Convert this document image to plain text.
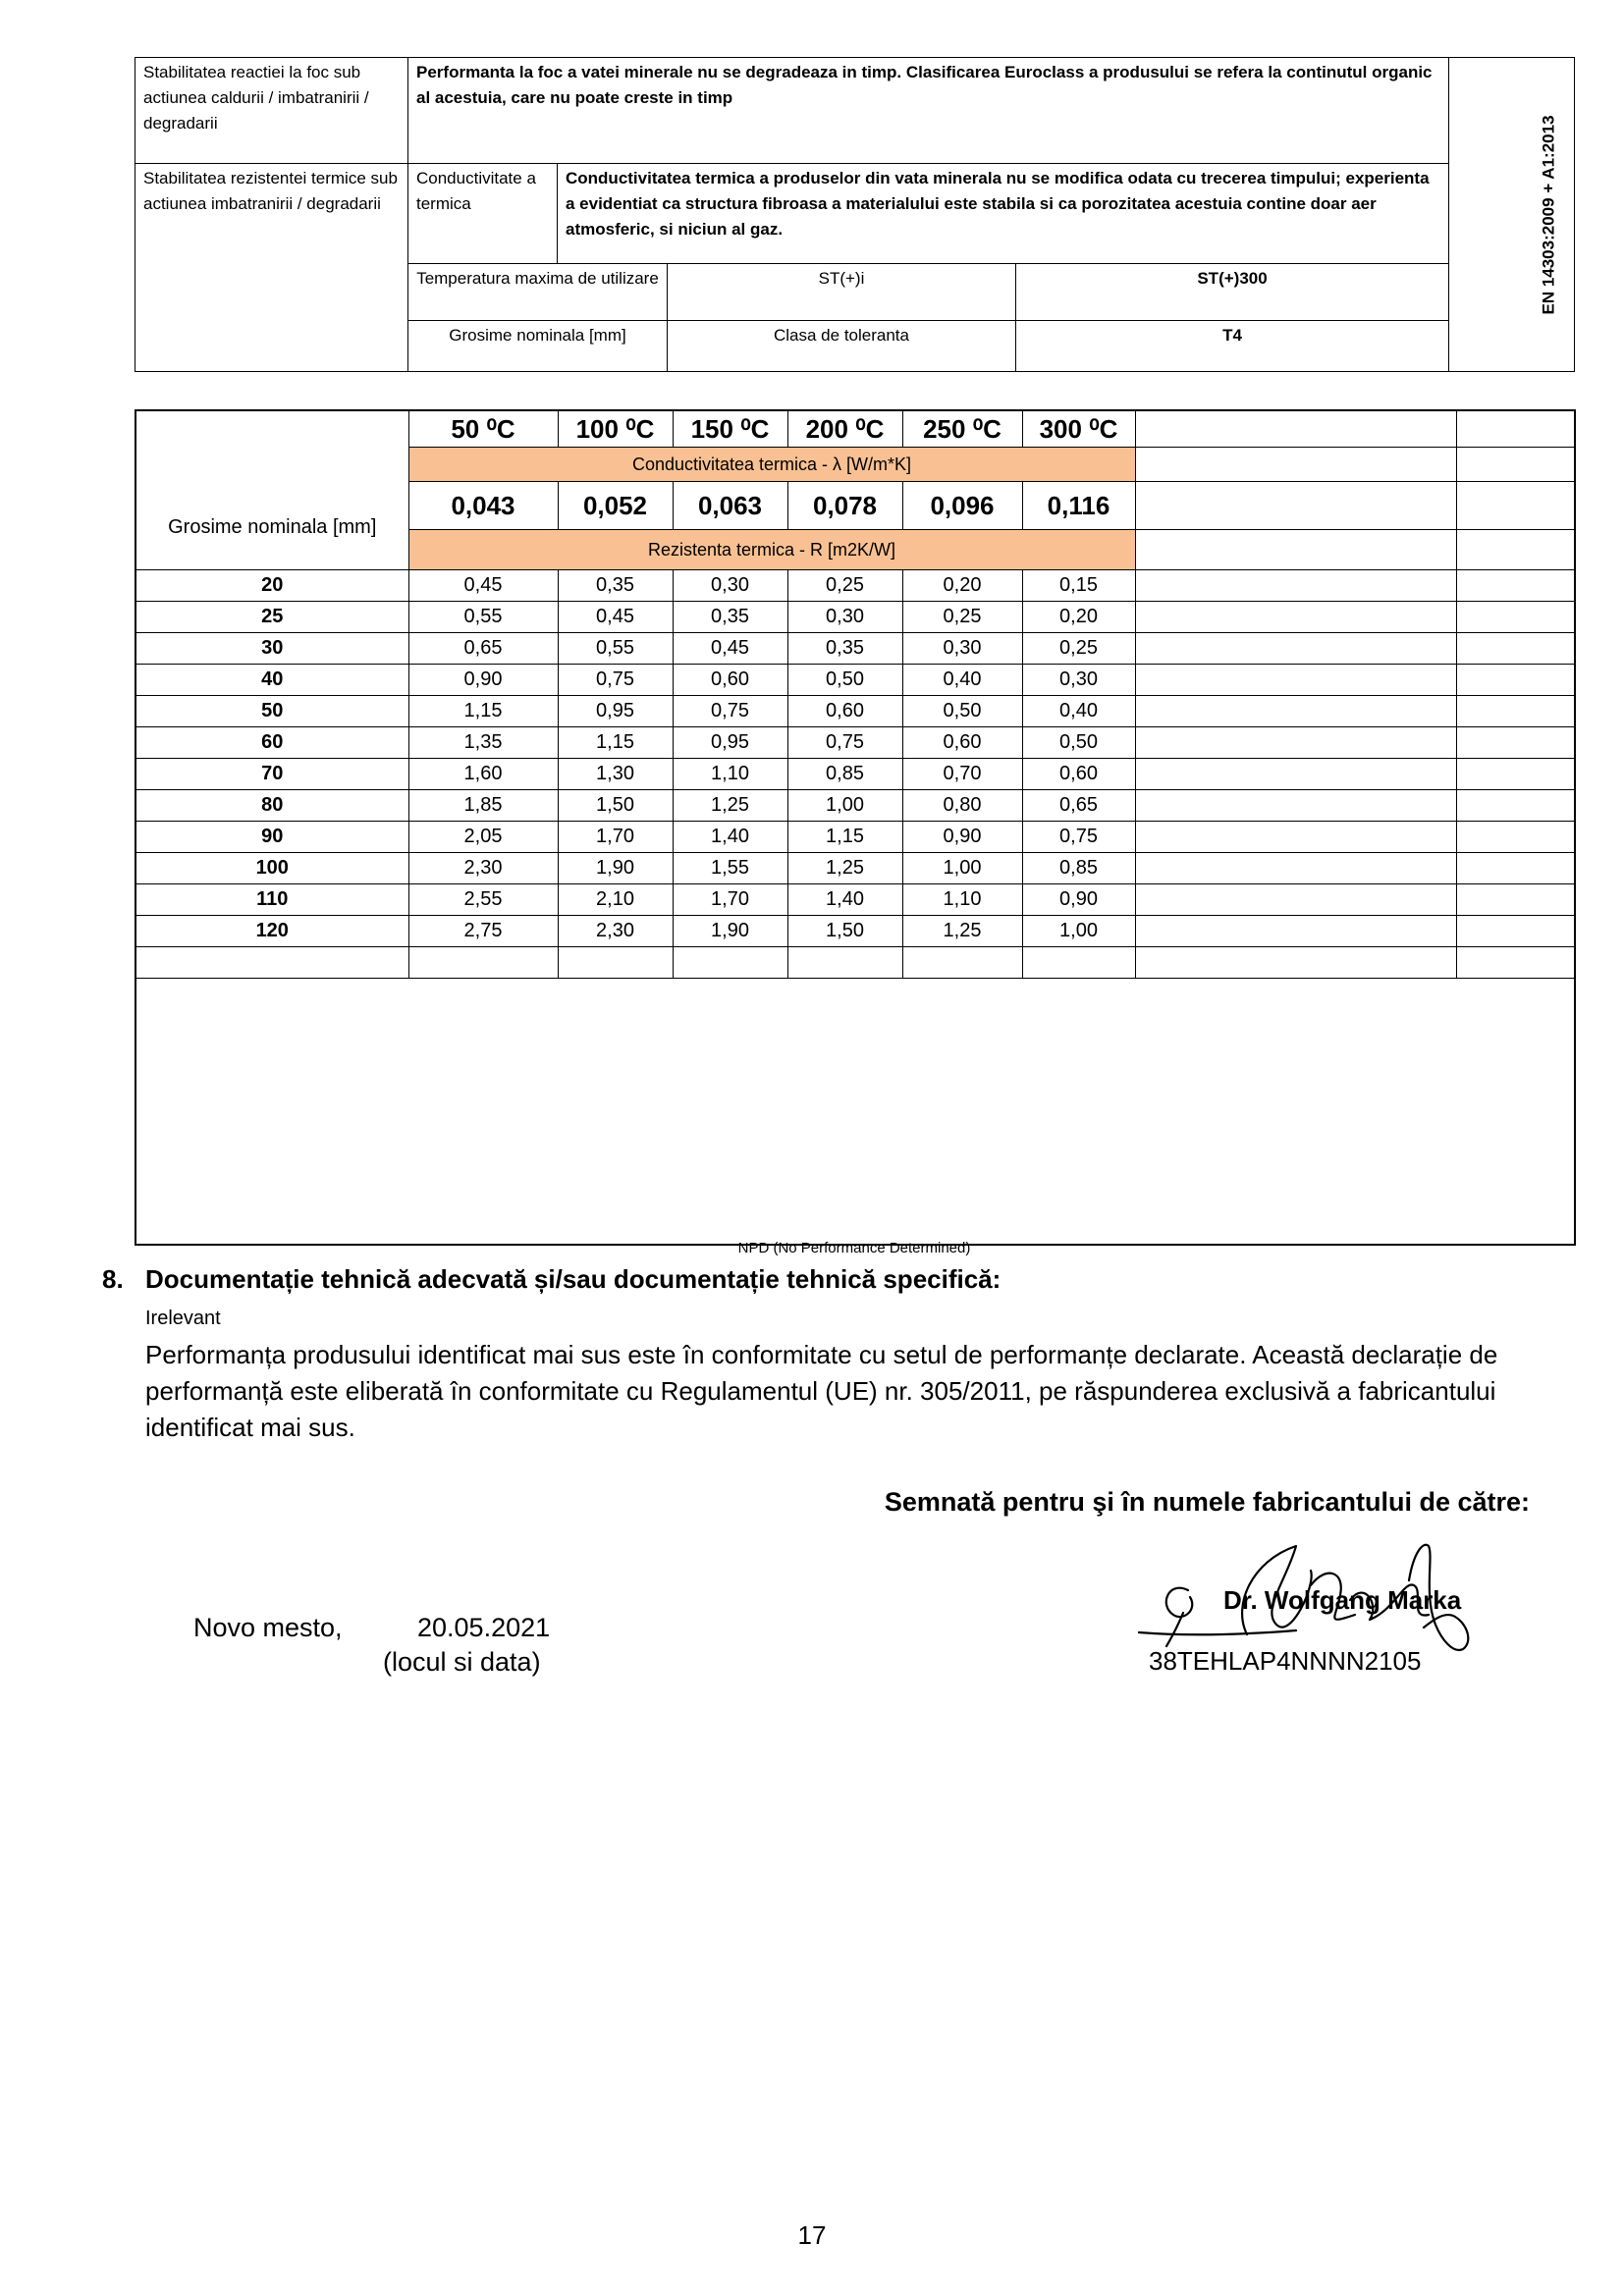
Stabilitatea reactiei la foc sub actiunea caldurii / imbatranirii / degradarii	Performanta la foc a vatei minerale nu se degradeaza in timp. Clasificarea Euroclass a produsului se refera la continutul organic al acestuia, care nu poate creste in timp				EN 14303:2009 + A1:2013
Stabilitatea rezistentei termice sub actiunea imbatranirii / degradarii	Conductivitate a termica	Conductivitatea termica a produselor din vata minerala nu se modifica odata cu trecerea timpului; experienta a evidentiat ca structura fibroasa a materialului este stabila si ca porozitatea acestuia contine doar aer atmosferic, si niciun al gaz.			
	Temperatura maxima de utilizare		ST(+)i	ST(+)300	
	Grosime nominala [mm]		Clasa de toleranta	T4	
Grosime nominala [mm]	50 ⁰C	100 ⁰C	150 ⁰C	200 ⁰C	250 ⁰C	300 ⁰C		
	Conductivitatea termica - λ [W/m*K]							
	0,043	0,052	0,063	0,078	0,096	0,116		
	Rezistenta termica - R [m2K/W]							
20	0,45	0,35	0,30	0,25	0,20	0,15		
25	0,55	0,45	0,35	0,30	0,25	0,20		
30	0,65	0,55	0,45	0,35	0,30	0,25		
40	0,90	0,75	0,60	0,50	0,40	0,30		
50	1,15	0,95	0,75	0,60	0,50	0,40		
60	1,35	1,15	0,95	0,75	0,60	0,50		
70	1,60	1,30	1,10	0,85	0,70	0,60		
80	1,85	1,50	1,25	1,00	0,80	0,65		
90	2,05	1,70	1,40	1,15	0,90	0,75		
100	2,30	1,90	1,55	1,25	1,00	0,85		
110	2,55	2,10	1,70	1,40	1,10	0,90		
120	2,75	2,30	1,90	1,50	1,25	1,00		

NPD (No Performance Determined)
8. Documentație tehnică adecvată și/sau documentație tehnică specifică:
Irelevant
Performanța produsului identificat mai sus este în conformitate cu setul de performanțe declarate. Această declarație de performanță este eliberată în conformitate cu Regulamentul (UE) nr. 305/2011, pe răspunderea exclusivă a fabricantului identificat mai sus.
Semnată pentru şi în numele fabricantului de către:
Novo mesto,	20.05.2021
(locul si data)
Dr. Wolfgang Marka
38TEHLAP4NNNN2105
17
